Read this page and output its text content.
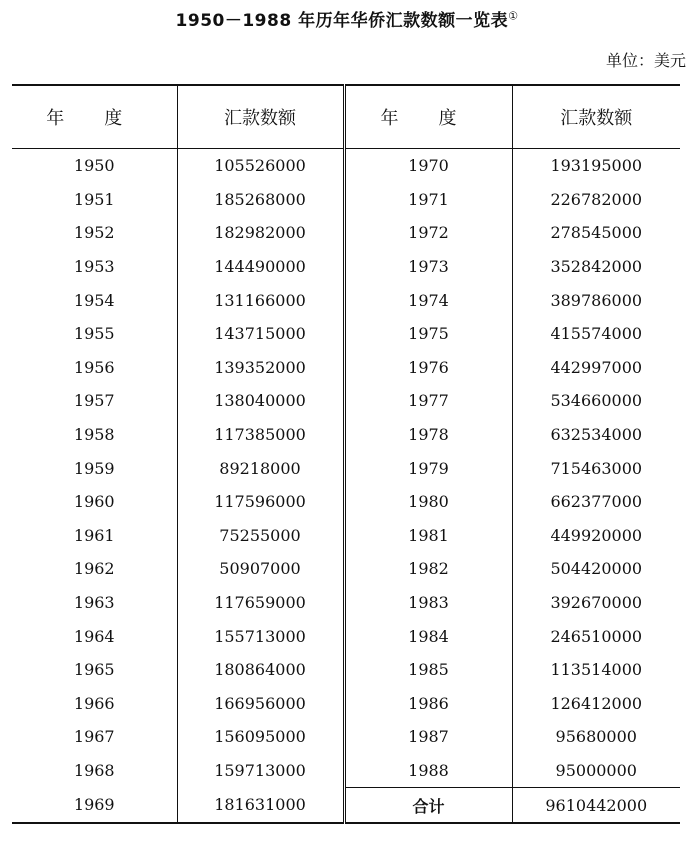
1950－1988 年历年华侨汇款数额一览表①
单位：美元
年度	汇款数额	年度	汇款数额
1950	105526000	1970	193195000
1951	185268000	1971	226782000
1952	182982000	1972	278545000
1953	144490000	1973	352842000
1954	131166000	1974	389786000
1955	143715000	1975	415574000
1956	139352000	1976	442997000
1957	138040000	1977	534660000
1958	117385000	1978	632534000
1959	89218000	1979	715463000
1960	117596000	1980	662377000
1961	75255000	1981	449920000
1962	50907000	1982	504420000
1963	117659000	1983	392670000
1964	155713000	1984	246510000
1965	180864000	1985	113514000
1966	166956000	1986	126412000
1967	156095000	1987	95680000
1968	159713000	1988	95000000
1969	181631000	合计	9610442000
